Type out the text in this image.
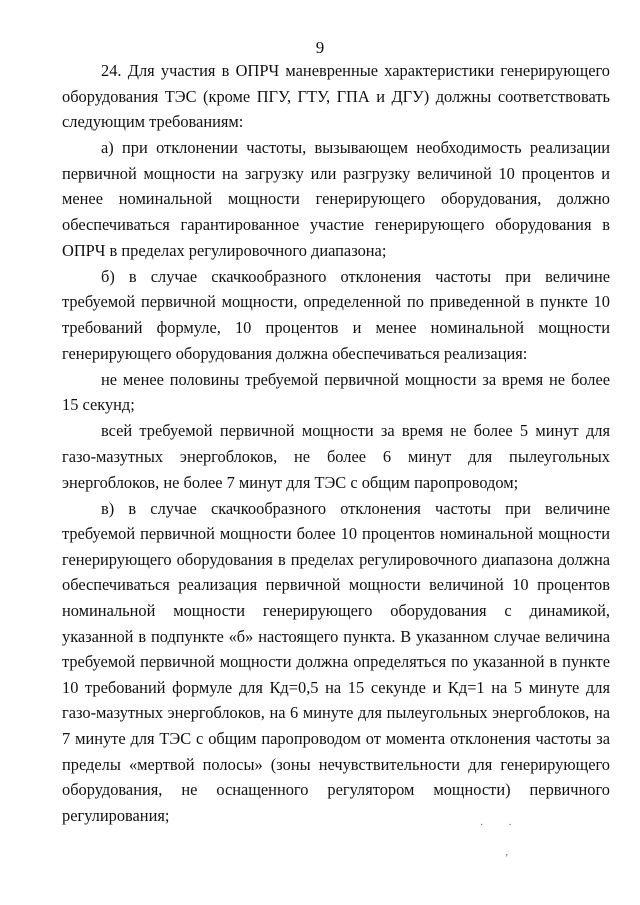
9

24. Для участия в ОПРЧ маневренные характеристики генерирующего оборудования ТЭС (кроме ПГУ, ГТУ, ГПА и ДГУ) должны соответствовать следующим требованиям:

а) при отклонении частоты, вызывающем необходимость реализации первичной мощности на загрузку или разгрузку величиной 10 процентов и менее номинальной мощности генерирующего оборудования, должно обеспечиваться гарантированное участие генерирующего оборудования в ОПРЧ в пределах регулировочного диапазона;

б) в случае скачкообразного отклонения частоты при величине требуемой первичной мощности, определенной по приведенной в пункте 10 требований формуле, 10 процентов и менее номинальной мощности генерирующего оборудования должна обеспечиваться реализация:

не менее половины требуемой первичной мощности за время не более 15 секунд;

всей требуемой первичной мощности за время не более 5 минут для газо-мазутных энергоблоков, не более 6 минут для пылеугольных энергоблоков, не более 7 минут для ТЭС с общим паропроводом;

в) в случае скачкообразного отклонения частоты при величине требуемой первичной мощности более 10 процентов номинальной мощности генерирующего оборудования в пределах регулировочного диапазона должна обеспечиваться реализация первичной мощности величиной 10 процентов номинальной мощности генерирующего оборудования с динамикой, указанной в подпункте «б» настоящего пункта. В указанном случае величина требуемой первичной мощности должна определяться по указанной в пункте 10 требований формуле для Кд=0,5 на 15 секунде и Кд=1 на 5 минуте для газо-мазутных энергоблоков, на 6 минуте для пылеугольных энергоблоков, на 7 минуте для ТЭС с общим паропроводом от момента отклонения частоты за пределы «мертвой полосы» (зоны нечувствительности для генерирующего оборудования, не оснащенного регулятором мощности) первичного регулирования;

·          ·

’
